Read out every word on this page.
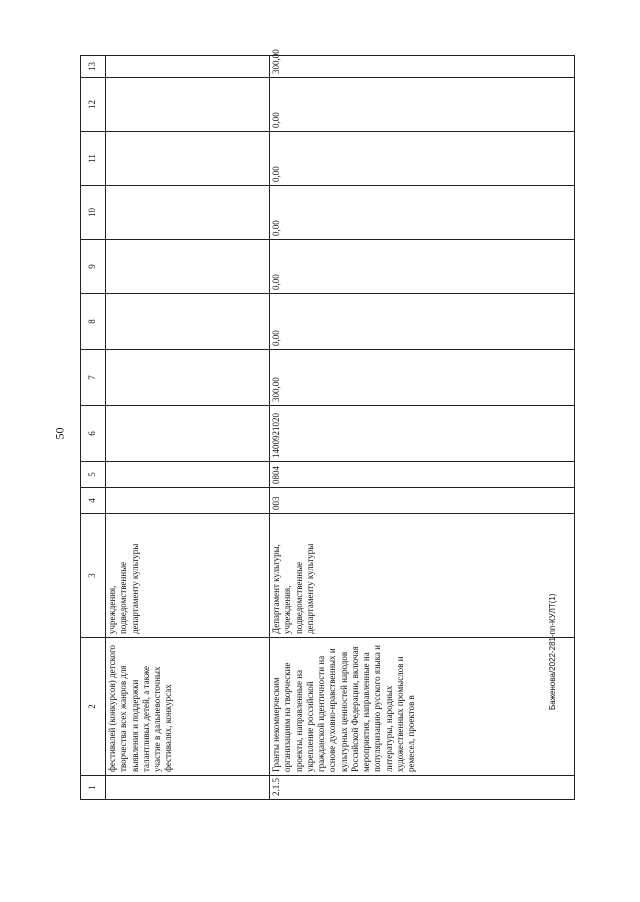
50
Баженова/2022-281-пп-КУЛТ(1)
1	2	3	4	5	6	7	8	9	10	11	12	13
	фестивалей (конкурсов) детского творчества всех жанров для выявления и поддержки талантливых детей, а также участие в дальневосточных фестивалях, конкурсах	учреждения, подведомственные департаменту культуры										
2.1.5	Гранты некоммерческим организациям на творческие проекты, направленные на укрепление российской гражданской идентичности на основе духовно-нравственных и культурных ценностей народов Российской Федерации, включая мероприятия, направленные на популяризацию русского языка и литературы, народных художественных промыслов и ремесел, проектов в	Департамент культуры, учреждения, подведомственные департаменту культуры	003	0804	1400921020	300,00	0,00	0,00	0,00	0,00	0,00	300,00
